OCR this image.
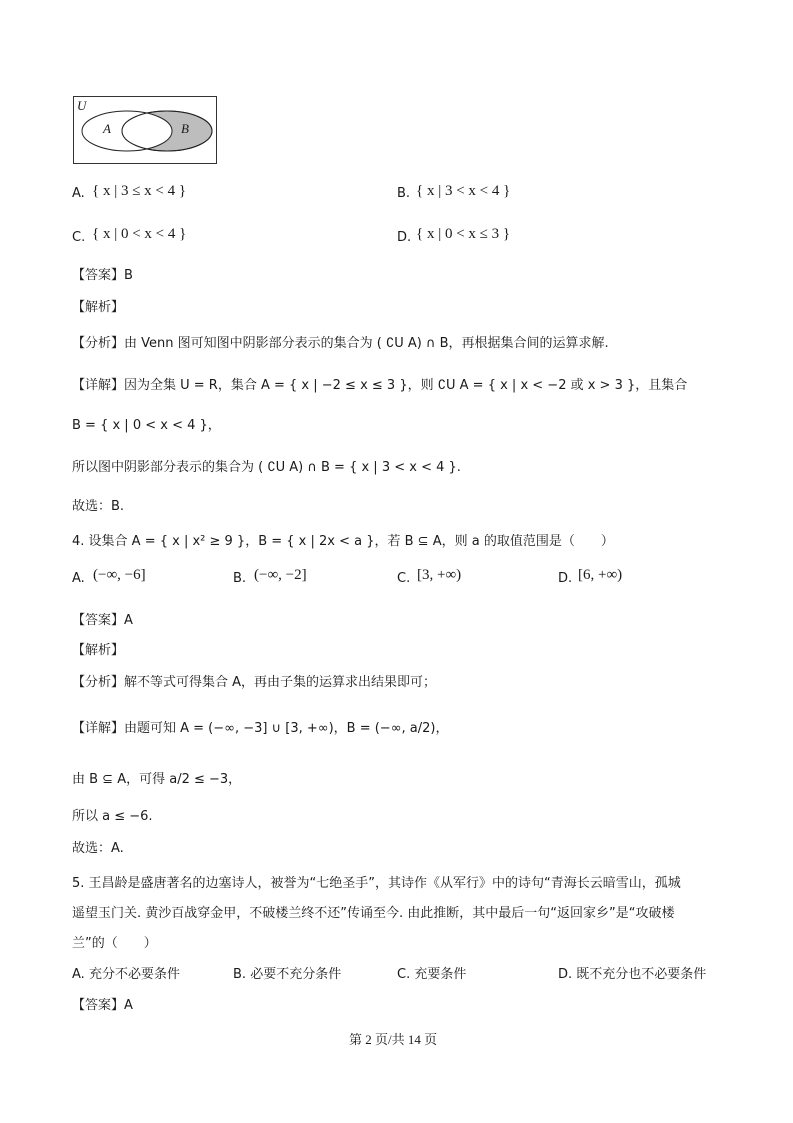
U
A	B
A. { x | 3 ≤ x < 4 }	B. { x | 3 < x < 4 }
C. { x | 0 < x < 4 }	D. { x | 0 < x ≤ 3 }
【答案】B
【解析】
【分析】由 Venn 图可知图中阴影部分表示的集合为 ( ∁U A) ∩ B，再根据集合间的运算求解.
【详解】因为全集 U = R，集合 A = { x | −2 ≤ x ≤ 3 }，则 ∁U A = { x | x < −2 或 x > 3 }，且集合
B = { x | 0 < x < 4 }，
所以图中阴影部分表示的集合为 ( ∁U A) ∩ B = { x | 3 < x < 4 }.
故选：B.
4. 设集合 A = { x | x² ≥ 9 }，B = { x | 2x < a }，若 B ⊆ A，则 a 的取值范围是（　　）
A. (−∞, −6]	B. (−∞, −2]	C. [3, +∞)	D. [6, +∞)
【答案】A
【解析】
【分析】解不等式可得集合 A，再由子集的运算求出结果即可；
【详解】由题可知 A = (−∞, −3] ∪ [3, +∞)，B = (−∞, a/2)，
由 B ⊆ A，可得 a/2 ≤ −3，
所以 a ≤ −6.
故选：A.
5. 王昌龄是盛唐著名的边塞诗人，被誉为“七绝圣手”，其诗作《从军行》中的诗句“青海长云暗雪山，孤城
遥望玉门关. 黄沙百战穿金甲，不破楼兰终不还”传诵至今. 由此推断，其中最后一句“返回家乡”是“攻破楼
兰”的（　　）
A. 充分不必要条件	B. 必要不充分条件	C. 充要条件	D. 既不充分也不必要条件
【答案】A
第 2 页/共 14 页
